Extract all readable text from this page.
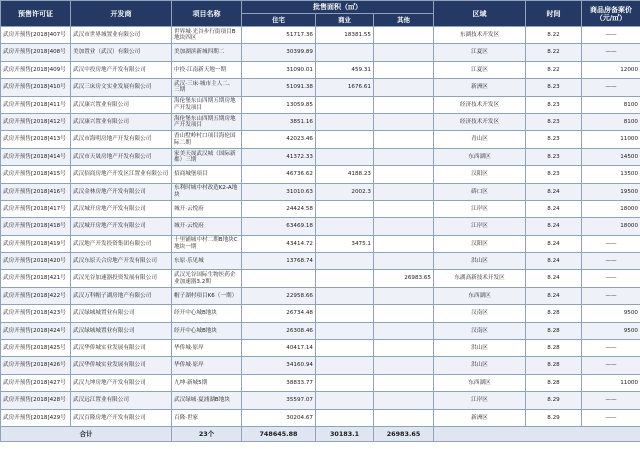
预售许可证	开发商	项目名称	批售面积（㎡）			区域	时间	商品房备案价（元/㎡）
			住宅	商业	其他			
武房开预售[2018]407号	武汉市世界城置业有限公司	世界城·光谷步行街项目B地块四区	51717.36	18381.55		东湖技术开发区	8.22	——
武房开预售[2018]408号	美加置业（武汉）有限公司	美加湖滨新城四期二	30399.89			江夏区	8.22	——
武房开预售[2018]409号	武汉中投房地产开发有限公司	中投·江南新天地一期	31090.01	459.31		江夏区	8.22	12000
武房开预售[2018]410号	武汉三床房文实业发展有限公司	武汉·三床·城市主人二、三期	51091.38	1676.61		新洲区	8.23	——
武房开预售[2018]411号	武汉康兴置业有限公司	海伦堡东山四期五期房地产开发项目	13059.85			经济技术开发区	8.23	8100
武房开预售[2018]412号	武汉康兴置业有限公司	海伦堡东山四期五期房地产开发项目	3851.16			经济技术开发区	8.23	8100
武房开预售[2018]413号	武汉市海明房地产开发有限公司	香山墅岭村口项目海伦国际二期	42023.46			青山区	8.23	11000
武房开预售[2018]414号	武汉市天晟房地产开发有限公司	家美天晟武汉城（国际新都）三期	41372.33			东西湖区	8.23	14500
武房开预售[2018]415号	武汉招商房地产开发区江置业有限公司	招商城堡项目	46736.62	4188.23		汉阳区	8.23	13500
武房开预售[2018]416号	武汉金林房地产开发有限公司	东利时城中村改造K2-A地块	31010.63	2002.3		硚口区	8.24	19500
武房开预售[2018]417号	武汉城开房地产开发有限公司	城开·云悦府	24424.58			江岸区	8.24	18000
武房开预售[2018]418号	武汉城开房地产开发有限公司	城开·云悦府	63469.18			江岸区	8.24	18000
武房开预售[2018]419号	武汉地产开发投资集团有限公司	十里铺城中村二期B地块C地块一期	43414.72	3475.1		汉阳区	8.24	——
武房开预售[2018]420号	武汉东原天合房地产开发有限公司	东原·乐见城	13768.74			洪山区	8.24	——
武房开预售[2018]421号	武汉光谷加速器投资发展有限公司	武汉光谷国际生物医药企业加速器3.2期			26983.65	东湖高新技术开发区	8.24	——
武房开预售[2018]422号	武汉万科帽子湖房地产有限公司	帽子湖村项目K6（一期）	22958.66			东西湖区	8.24	——
武房开预售[2018]423号	武汉绿城城置业有限公司	经开中心城B地块	26734.48			汉南区	8.28	9500
武房开预售[2018]424号	武汉绿城城置业有限公司	经开中心城B地块	26308.46			汉南区	8.28	9500
武房开预售[2018]425号	武汉华侨城实业发展有限公司	华侨城·原岸	40417.14			洪山区	8.28	——
武房开预售[2018]426号	武汉华侨城实业发展有限公司	华侨城·原岸	34160.94			洪山区	8.28	——
武房开预售[2018]427号	武汉九坤房地产开发有限公司	九坤·新城5期	38833.77			东西湖区	8.28	11000
武房开预售[2018]428号	武汉远江置业有限公司	武汉绿城·夏浦湖B地块	35597.07			江岸区	8.29	——
武房开预售[2018]429号	武汉百隆房地产开发有限公司	百隆·世家	30204.67			新洲区	8.29	——
合计		23个	748645.88	30183.1	26983.65			
